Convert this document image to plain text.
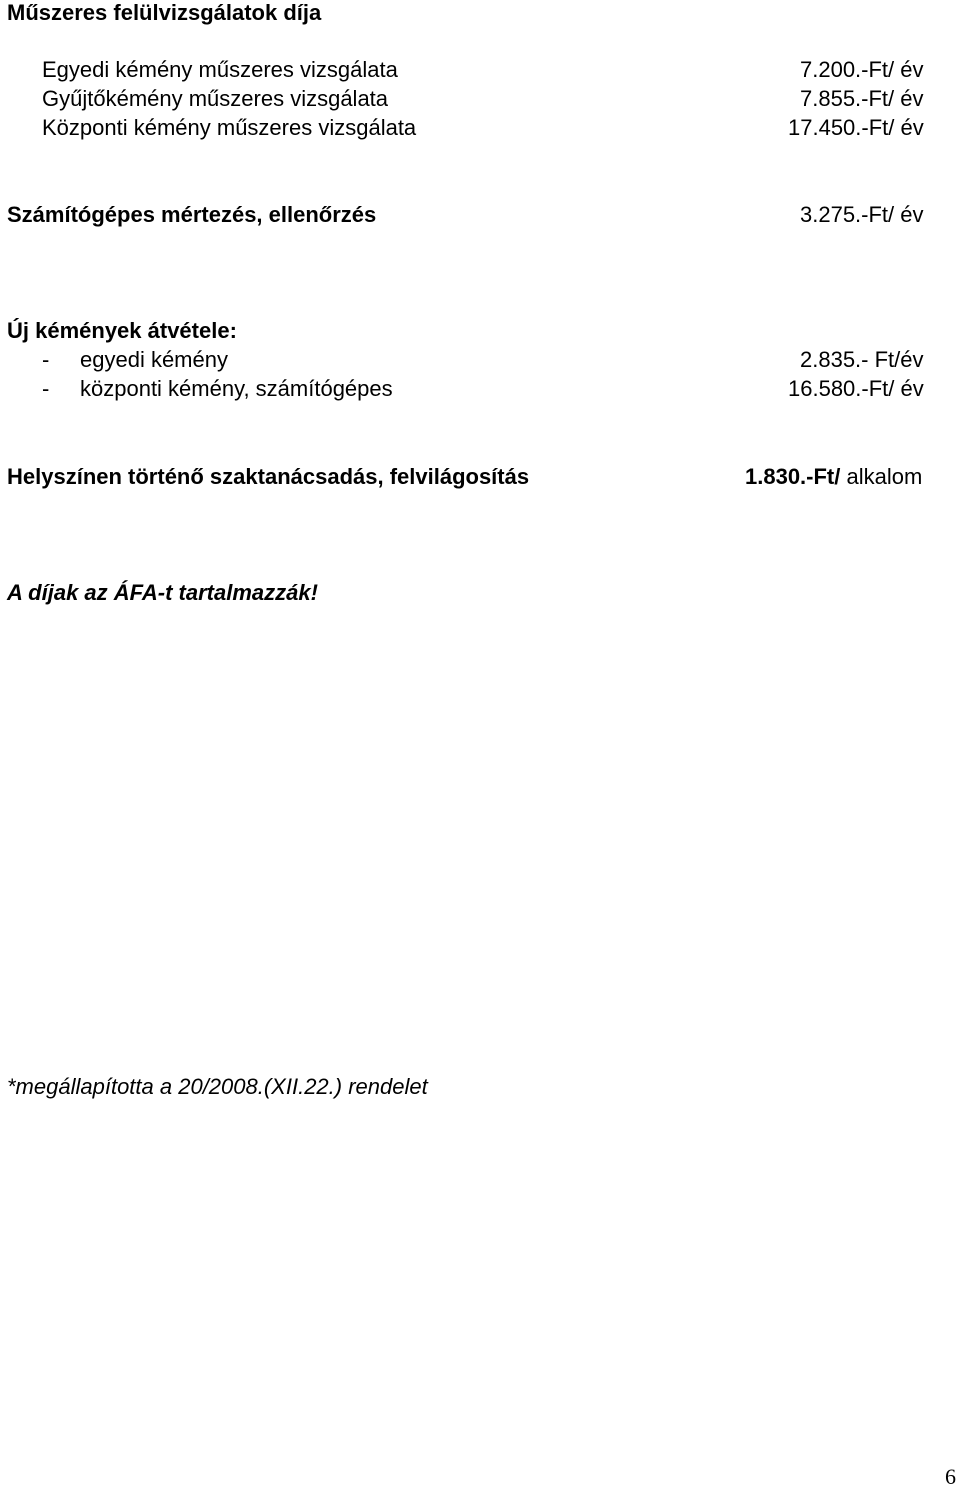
Műszeres felülvizsgálatok díja

Egyedi kémény műszeres vizsgálata	7.200.-Ft/ év

Gyűjtőkémény műszeres vizsgálata	7.855.-Ft/ év

Központi kémény műszeres vizsgálata	17.450.-Ft/ év

Számítógépes mértezés, ellenőrzés	3.275.-Ft/ év

Új kémények átvétele:

- egyedi kémény	2.835.- Ft/év

- központi kémény, számítógépes	16.580.-Ft/ év

Helyszínen történő szaktanácsadás, felvilágosítás	1.830.-Ft/ alkalom

A díjak az ÁFA-t tartalmazzák!

*megállapította a 20/2008.(XII.22.) rendelet

6
